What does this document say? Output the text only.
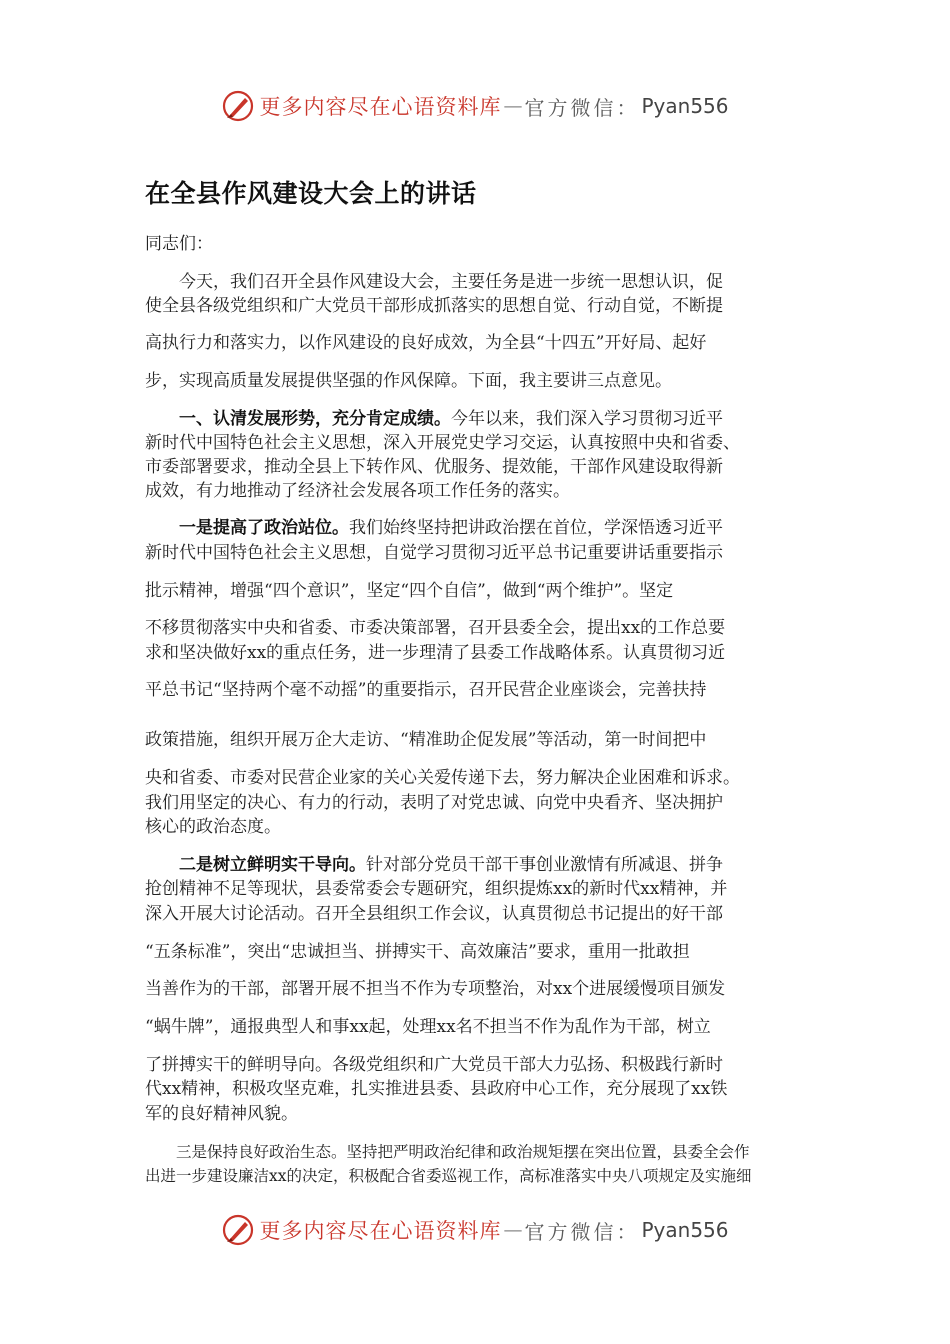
更多内容尽在心语资料库 — 官方微信： Pyan556
在全县作风建设大会上的讲话
同志们：
　　今天，我们召开全县作风建设大会，主要任务是进一步统一思想认识，促
使全县各级党组织和广大党员干部形成抓落实的思想自觉、行动自觉，不断提
高执行力和落实力，以作风建设的良好成效，为全县“十四五”开好局、起好
步，实现高质量发展提供坚强的作风保障。下面，我主要讲三点意见。
　　一、认清发展形势，充分肯定成绩。今年以来，我们深入学习贯彻习近平
新时代中国特色社会主义思想，深入开展党史学习交运，认真按照中央和省委、
市委部署要求，推动全县上下转作风、优服务、提效能，干部作风建设取得新
成效，有力地推动了经济社会发展各项工作任务的落实。
　　一是提高了政治站位。我们始终坚持把讲政治摆在首位，学深悟透习近平
新时代中国特色社会主义思想，自觉学习贯彻习近平总书记重要讲话重要指示
批示精神，增强“四个意识”，坚定“四个自信”，做到“两个维护”。坚定
不移贯彻落实中央和省委、市委决策部署，召开县委全会，提出xx的工作总要
求和坚决做好xx的重点任务，进一步理清了县委工作战略体系。认真贯彻习近
平总书记“坚持两个毫不动摇”的重要指示，召开民营企业座谈会，完善扶持
政策措施，组织开展万企大走访、“精准助企促发展”等活动，第一时间把中
央和省委、市委对民营企业家的关心关爱传递下去，努力解决企业困难和诉求。
我们用坚定的决心、有力的行动，表明了对党忠诚、向党中央看齐、坚决拥护
核心的政治态度。
　　二是树立鲜明实干导向。针对部分党员干部干事创业激情有所减退、拼争
抢创精神不足等现状，县委常委会专题研究，组织提炼xx的新时代xx精神，并
深入开展大讨论活动。召开全县组织工作会议，认真贯彻总书记提出的好干部
“五条标准”，突出“忠诚担当、拼搏实干、高效廉洁”要求，重用一批敢担
当善作为的干部，部署开展不担当不作为专项整治，对xx个进展缓慢项目颁发
“蜗牛牌”，通报典型人和事xx起，处理xx名不担当不作为乱作为干部，树立
了拼搏实干的鲜明导向。各级党组织和广大党员干部大力弘扬、积极践行新时
代xx精神，积极攻坚克难，扎实推进县委、县政府中心工作，充分展现了xx铁
军的良好精神风貌。
　　三是保持良好政治生态。坚持把严明政治纪律和政治规矩摆在突出位置，县委全会作
出进一步建设廉洁xx的决定，积极配合省委巡视工作，高标准落实中央八项规定及实施细
更多内容尽在心语资料库 — 官方微信： Pyan556
